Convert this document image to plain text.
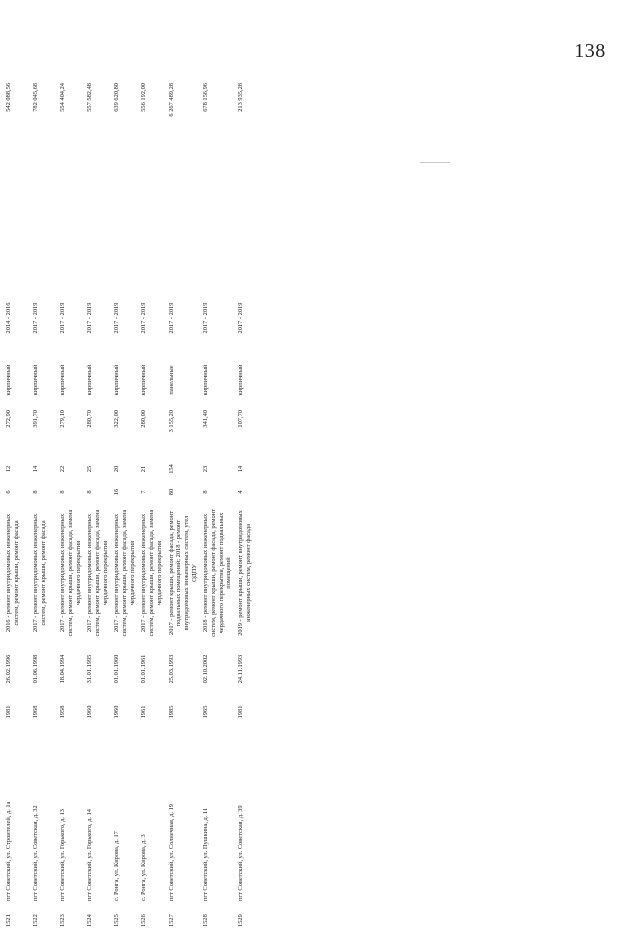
138

1521	пгт Советский, ул. Строителей, д. 1а	1981	26.02.1996	2016 - ремонт внутридомовых инженерных систем, ремонт крыши, ремонт фасада	6	12	272,90	кирпичный	2014 - 2016		542 088,56
1522	пгт Советский, ул. Советская, д. 32	1968	01.06.1998	2017 - ремонт внутридомовых инженерных систем, ремонт крыши, ремонт фасада	8	14	391,70	кирпичный	2017 - 2019		782 045,68
1523	пгт Советский, ул. Горького, д. 13	1958	18.04.1994	2017 - ремонт внутридомовых инженерных систем, ремонт крыши, ремонт фасада, замена чердачного перекрытия	8	22	279,10	кирпичный	2017 - 2019		554 404,24
1524	пгт Советский, ул. Горького, д. 14	1960	31.01.1995	2017 - ремонт внутридомовых инженерных систем, ремонт крыши, ремонт фасада, замена чердачного перекрытия	8	25	280,70	кирпичный	2017 - 2019		557 582,48
1525	с. Ронга, ул. Кирова, д. 17	1960	01.01.1960	2017 - ремонт внутридомовых инженерных систем, ремонт крыши, ремонт фасада, замена чердачного перекрытия	16	20	322,00	кирпичный	2017 - 2019		639 620,80
1526	с. Ронга, ул. Кирова, д. 3	1961	01.01.1961	2017 - ремонт внутридомовых инженерных систем, ремонт крыши, ремонт фасада, замена чердачного перекрытия	7	21	280,00	кирпичный	2017 - 2019		556 192,00
1527	пгт Советский, ул. Солнечная, д. 19	1985	25.03.1993	2017 - ремонт крыши, ремонт фасада, ремонт подвальных помещений; 2018 - ремонт внутридомовых инженерных систем, утел ОДПУ	80	154	3 155,20	панельные	2017 - 2019		6 267 489,28
1528	пгт Советский, ул. Пушкина, д. 11	1965	02.10.2002	2018 - ремонт внутридомовых инженерных систем, ремонт крыши, ремонт фасада, ремонт чердачного перекрытия, ремонт подвальных помещений	8	23	341,40	кирпичный	2017 - 2019		678 156,96
1529	пгт Советский, ул. Советская, д. 39	1981	24.11.1993	2019 - ремонт крыши, ремонт внутридомовых инженерных систем, ремонт фасада	4	14	107,70	кирпичный	2017 - 2019		213 935,28
